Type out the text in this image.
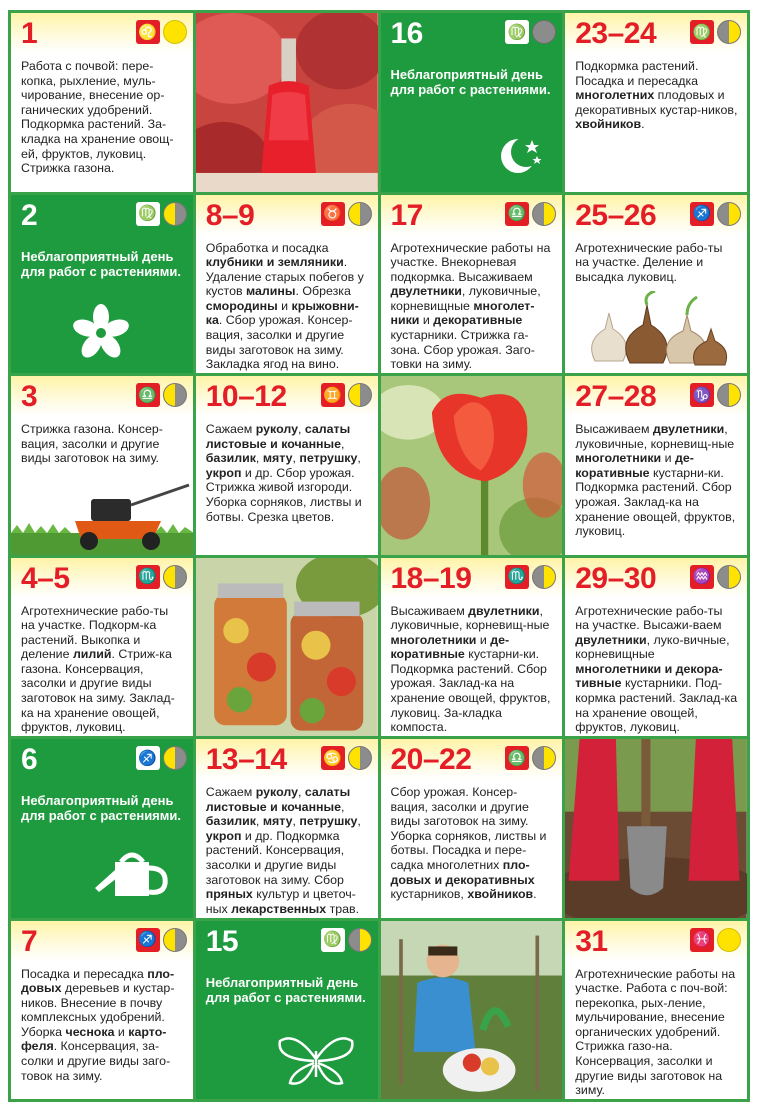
1	♌
Работа с почвой: пере-копка, рыхление, муль-чирование, внесение ор-ганических удобрений. Подкормка растений. За-кладка на хранение овощ-ей, фруктов, луковиц. Стрижка газона.
16	♍
Неблагоприятный день для работ с растениями.
23–24	♍
Подкормка растений. Посадка и пересадка многолетних плодовых и декоративных кустар-ников, хвойников.
2	♍
Неблагоприятный день для работ с растениями.
8–9	♉
Обработка и посадка клубники и земляники. Удаление старых побегов у кустов малины. Обрезка смородины и крыжовни-ка. Сбор урожая. Консер-вация, засолки и другие виды заготовок на зиму. Закладка ягод на вино.
17	♎
Агротехнические работы на участке. Внекорневая подкормка. Высаживаем двулетники, луковичные, корневищные многолет-ники и декоративные кустарники. Стрижка га-зона. Сбор урожая. Заго-товки на зиму.
25–26	♐
Агротехнические рабо-ты на участке. Деление и высадка луковиц.
3	♎
Стрижка газона. Консер-вация, засолки и другие виды заготовок на зиму.
10–12	♊
Сажаем руколу, салаты листовые и кочанные, базилик, мяту, петрушку, укроп и др. Сбор урожая. Стрижка живой изгороди. Уборка сорняков, листвы и ботвы. Срезка цветов.
27–28	♑
Высаживаем двулетники, луковичные, корневищ-ные многолетники и де-коративные кустарни-ки. Подкормка растений. Сбор урожая. Заклад-ка на хранение овощей, фруктов, луковиц.
4–5	♏
Агротехнические рабо-ты на участке. Подкорм-ка растений. Выкопка и деление лилий. Стриж-ка газона. Консервация, засолки и другие виды заготовок на зиму. Заклад-ка на хранение овощей, фруктов, луковиц.
18–19	♏
Высаживаем двулетники, луковичные, корневищ-ные многолетники и де-коративные кустарни-ки. Подкормка растений. Сбор урожая. Заклад-ка на хранение овощей, фруктов, луковиц. За-кладка компоста.
29–30	♒
Агротехнические рабо-ты на участке. Высажи-ваем двулетники, луко-вичные, корневищные многолетники и декора-тивные кустарники. Под-кормка растений. Заклад-ка на хранение овощей, фруктов, луковиц.
6	♐
Неблагоприятный день для работ с растениями.
13–14	♋
Сажаем руколу, салаты листовые и кочанные, базилик, мяту, петрушку, укроп и др. Подкормка растений. Консервация, засолки и другие виды заготовок на зиму. Сбор пряных культур и цветоч-ных лекарственных трав.
20–22	♎
Сбор урожая. Консер-вация, засолки и другие виды заготовок на зиму. Уборка сорняков, листвы и ботвы. Посадка и пере-садка многолетних пло-довых и декоративных кустарников, хвойников.
7	♐
Посадка и пересадка пло-довых деревьев и кустар-ников. Внесение в почву комплексных удобрений. Уборка чеснока и карто-феля. Консервация, за-солки и другие виды заго-товок на зиму.
15	♍
Неблагоприятный день для работ с растениями.
31	♓
Агротехнические работы на участке. Работа с поч-вой: перекопка, рых-ление, мульчирование, внесение органических удобрений. Стрижка газо-на. Консервация, засолки и другие виды заготовок на зиму.
